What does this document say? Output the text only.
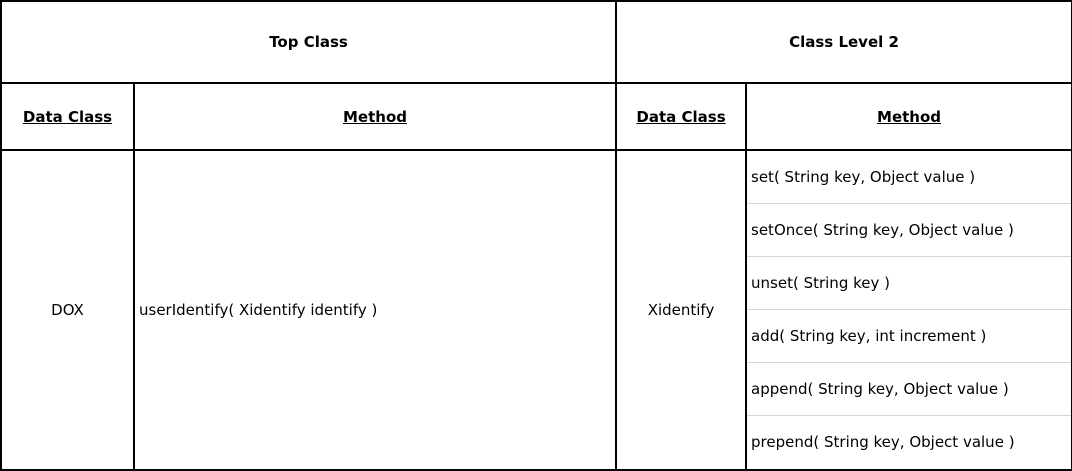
Top Class		Class Level 2	
Data Class	Method	Data Class	Method
DOX	userIdentify( Xidentify identify )	Xidentify	set( String key, Object value )
			setOnce( String key, Object value )
			unset( String key )
			add( String key, int increment )
			append( String key, Object value )
			prepend( String key, Object value )
